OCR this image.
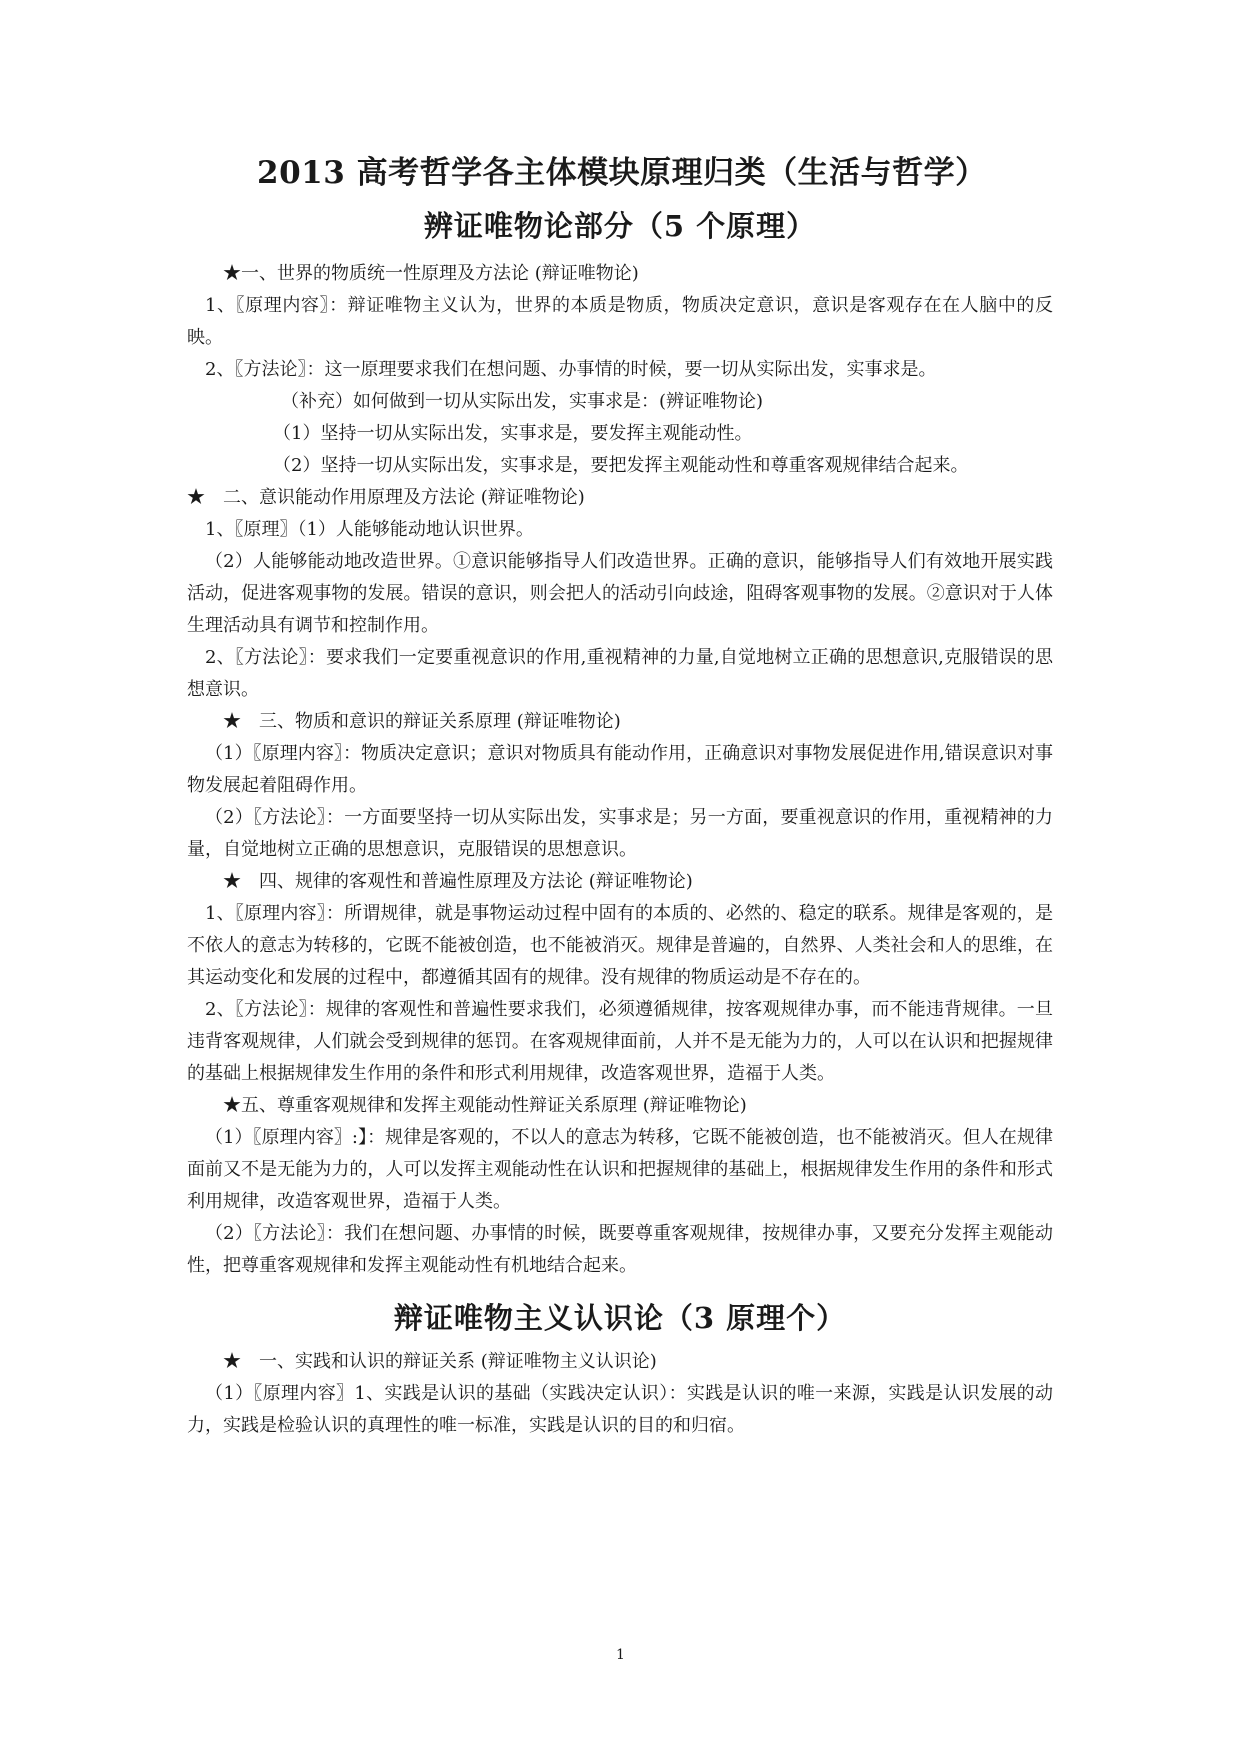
2013 高考哲学各主体模块原理归类（生活与哲学）
辨证唯物论部分（5 个原理）

★一、世界的物质统一性原理及方法论 (辩证唯物论)

1、〖原理内容〗：辩证唯物主义认为，世界的本质是物质，物质决定意识，意识是客观存在在人脑中的反映。

2、〖方法论〗：这一原理要求我们在想问题、办事情的时候，要一切从实际出发，实事求是。

（补充）如何做到一切从实际出发，实事求是：(辨证唯物论)

（1）坚持一切从实际出发，实事求是，要发挥主观能动性。

（2）坚持一切从实际出发，实事求是，要把发挥主观能动性和尊重客观规律结合起来。

★　二、意识能动作用原理及方法论 (辩证唯物论)

1、〖原理〗（1）人能够能动地认识世界。

（2）人能够能动地改造世界。①意识能够指导人们改造世界。正确的意识，能够指导人们有效地开展实践活动，促进客观事物的发展。错误的意识，则会把人的活动引向歧途，阻碍客观事物的发展。②意识对于人体生理活动具有调节和控制作用。

2、〖方法论〗：要求我们一定要重视意识的作用,重视精神的力量,自觉地树立正确的思想意识,克服错误的思想意识。

★　三、物质和意识的辩证关系原理 (辩证唯物论)

（1）〖原理内容〗：物质决定意识；意识对物质具有能动作用，正确意识对事物发展促进作用,错误意识对事物发展起着阻碍作用。

（2）〖方法论〗：一方面要坚持一切从实际出发，实事求是；另一方面，要重视意识的作用，重视精神的力量，自觉地树立正确的思想意识，克服错误的思想意识。

★　四、规律的客观性和普遍性原理及方法论 (辩证唯物论)

1、〖原理内容〗：所谓规律，就是事物运动过程中固有的本质的、必然的、稳定的联系。规律是客观的，是不依人的意志为转移的，它既不能被创造，也不能被消灭。规律是普遍的，自然界、人类社会和人的思维，在其运动变化和发展的过程中，都遵循其固有的规律。没有规律的物质运动是不存在的。

2、〖方法论〗：规律的客观性和普遍性要求我们，必须遵循规律，按客观规律办事，而不能违背规律。一旦违背客观规律，人们就会受到规律的惩罚。在客观规律面前，人并不是无能为力的，人可以在认识和把握规律的基础上根据规律发生作用的条件和形式利用规律，改造客观世界，造福于人类。

★五、尊重客观规律和发挥主观能动性辩证关系原理 (辩证唯物论)

（1）〖原理内容〗:】：规律是客观的，不以人的意志为转移，它既不能被创造，也不能被消灭。但人在规律面前又不是无能为力的，人可以发挥主观能动性在认识和把握规律的基础上，根据规律发生作用的条件和形式利用规律，改造客观世界，造福于人类。

（2）〖方法论〗：我们在想问题、办事情的时候，既要尊重客观规律，按规律办事，又要充分发挥主观能动性，把尊重客观规律和发挥主观能动性有机地结合起来。

辩证唯物主义认识论（3 原理个）

★　一、实践和认识的辩证关系 (辩证唯物主义认识论)

（1）〖原理内容〗1、实践是认识的基础（实践决定认识）：实践是认识的唯一来源，实践是认识发展的动力，实践是检验认识的真理性的唯一标准，实践是认识的目的和归宿。

1
